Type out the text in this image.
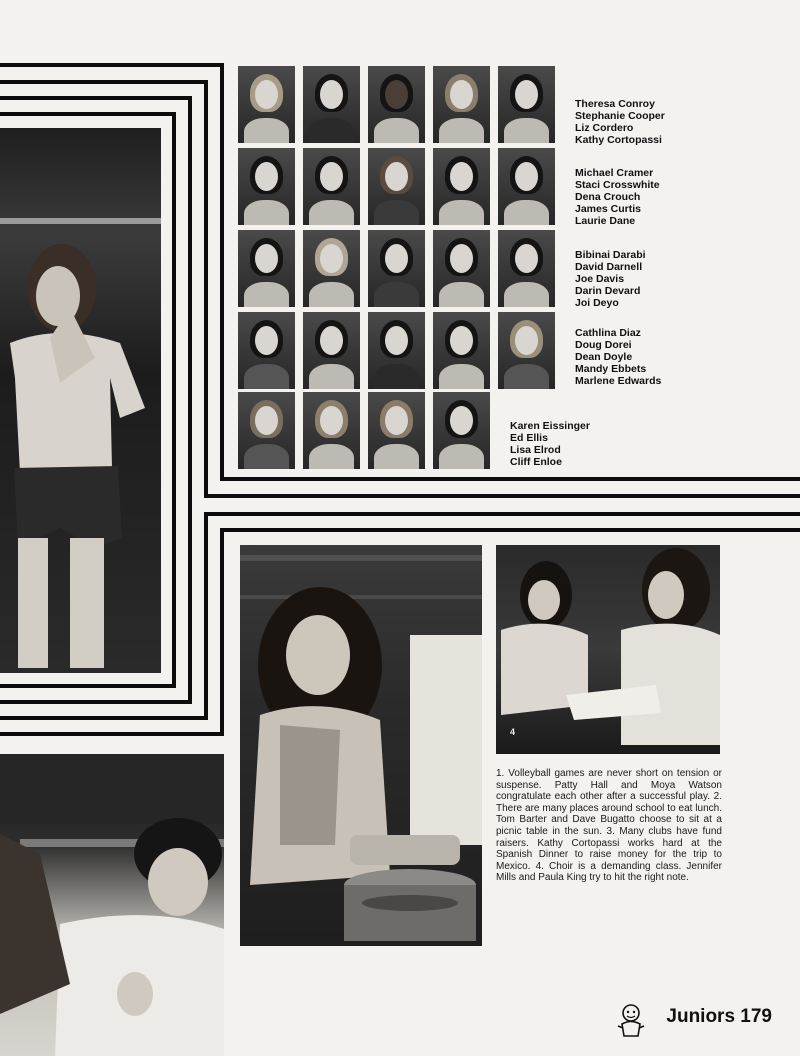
Theresa Conroy
Stephanie Cooper
Liz Cordero
Kathy Cortopassi
Michael Cramer
Staci Crosswhite
Dena Crouch
James Curtis
Laurie Dane
Bibinai Darabi
David Darnell
Joe Davis
Darin Devard
Joi Deyo
Cathlina Diaz
Doug Dorei
Dean Doyle
Mandy Ebbets
Marlene Edwards
Karen Eissinger
Ed Ellis
Lisa Elrod
Cliff Enloe
4
1. Volleyball games are never short on tension or suspense. Patty Hall and Moya Watson congratulate each other after a successful play. 2. There are many places around school to eat lunch. Tom Barter and Dave Bugatto choose to sit at a picnic table in the sun. 3. Many clubs have fund raisers. Kathy Cortopassi works hard at the Spanish Dinner to raise money for the trip to Mexico. 4. Choir is a demanding class. Jennifer Mills and Paula King try to hit the right note.
Juniors 179
